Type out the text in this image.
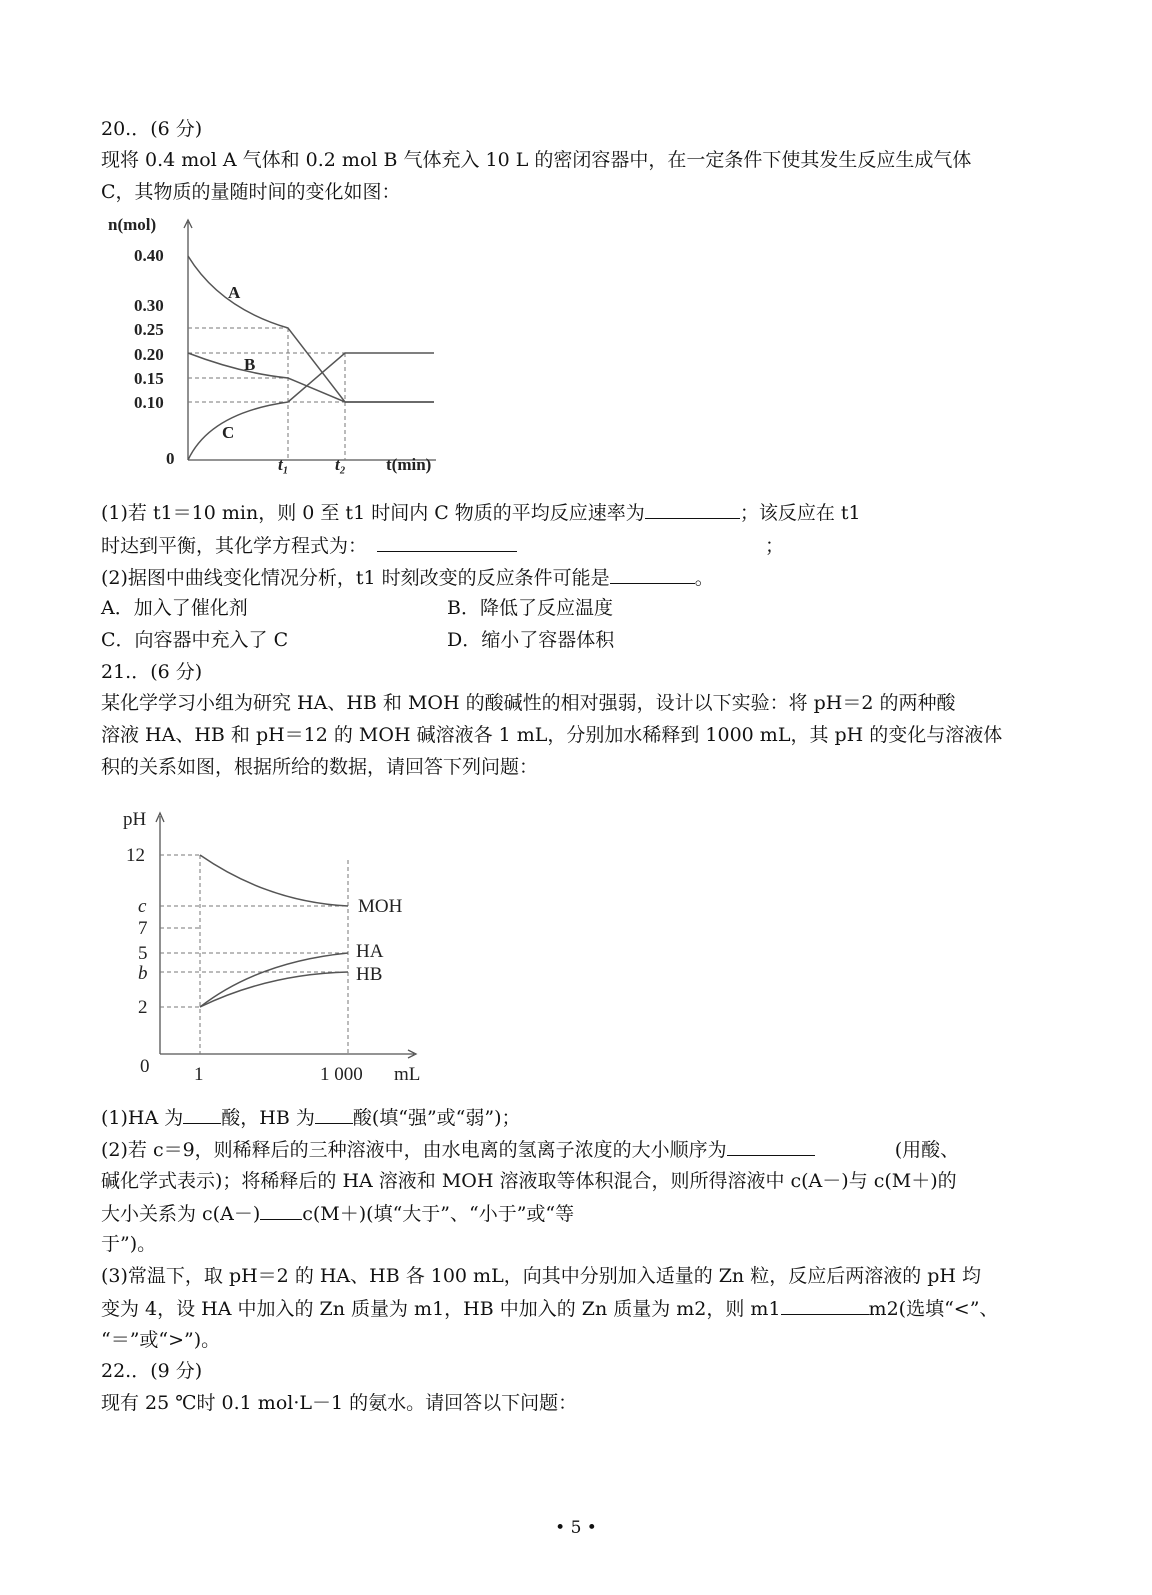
20.．(6 分)
现将 0.4 mol A 气体和 0.2 mol B 气体充入 10 L 的密闭容器中，在一定条件下使其发生反应生成气体
C，其物质的量随时间的变化如图：
n(mol)
0.40
0.30
0.25
0.20
0.15
0.10
0	t₁	t₂ t(min)
A
B
C
(1)若 t1＝10 min，则 0 至 t1 时间内 C 物质的平均反应速率为	；该反应在 t1
时达到平衡，其化学方程式为：	；
(2)据图中曲线变化情况分析，t1 时刻改变的反应条件可能是	。
A．加入了催化剂	B．降低了反应温度
C．向容器中充入了 C	D．缩小了容器体积
21.．(6 分)
某化学学习小组为研究 HA、HB 和 MOH 的酸碱性的相对强弱，设计以下实验：将 pH＝2 的两种酸
溶液 HA、HB 和 pH＝12 的 MOH 碱溶液各 1 mL，分别加水稀释到 1000 mL，其 pH 的变化与溶液体
积的关系如图，根据所给的数据，请回答下列问题：
pH
12
c
7
5
b
2
0 1	1 000 mL
MOH
HA
HB
(1)HA 为 酸，HB 为 酸(填“强”或“弱”)；
(2)若 c＝9，则稀释后的三种溶液中，由水电离的氢离子浓度的大小顺序为	(用酸、
碱化学式表示)；将稀释后的 HA 溶液和 MOH 溶液取等体积混合，则所得溶液中 c(A－)与 c(M＋)的
大小关系为 c(A－) c(M＋)(填“大于”、“小于”或“等
于”)。
(3)常温下，取 pH＝2 的 HA、HB 各 100 mL，向其中分别加入适量的 Zn 粒，反应后两溶液的 pH 均
变为 4，设 HA 中加入的 Zn 质量为 m1，HB 中加入的 Zn 质量为 m2，则 m1	m2(选填“<”、
“＝”或“>”)。
22.．(9 分)
现有 25 ℃时 0.1 mol·L－1 的氨水。请回答以下问题：
• 5 •
